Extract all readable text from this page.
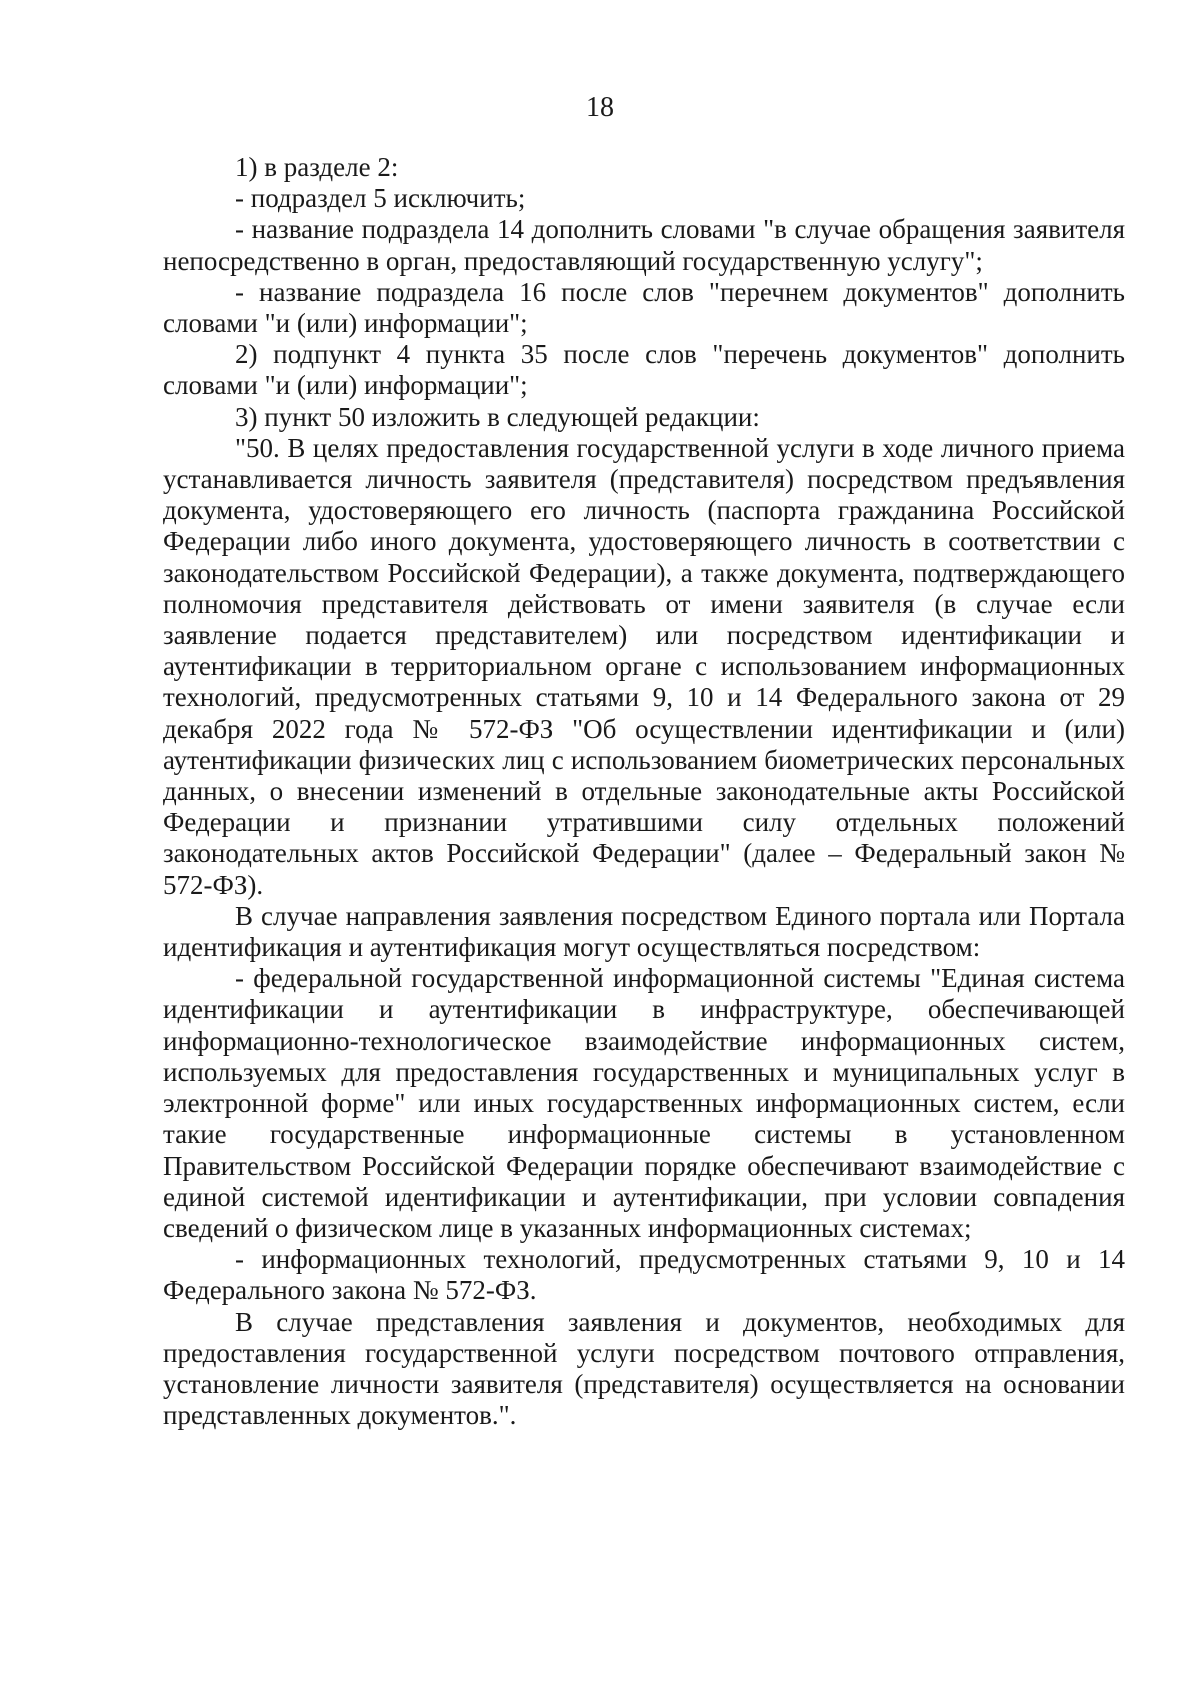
18

1) в разделе 2:

- подраздел 5 исключить;

- название подраздела 14 дополнить словами "в случае обращения заявителя непосредственно в орган, предоставляющий государственную услугу";

- название подраздела 16 после слов "перечнем документов" дополнить словами "и (или) информации";

2) подпункт 4 пункта 35 после слов "перечень документов" дополнить словами "и (или) информации";

3) пункт 50 изложить в следующей редакции:

"50. В целях предоставления государственной услуги в ходе личного приема устанавливается личность заявителя (представителя) посредством предъявления документа, удостоверяющего его личность (паспорта гражданина Российской Федерации либо иного документа, удостоверяющего личность в соответствии с законодательством Российской Федерации), а также документа, подтверждающего полномочия представителя действовать от имени заявителя (в случае если заявление подается представителем) или посредством идентификации и аутентификации в территориальном органе с использованием информационных технологий, предусмотренных статьями 9, 10 и 14 Федерального закона от 29 декабря 2022 года № 572-ФЗ "Об осуществлении идентификации и (или) аутентификации физических лиц с использованием биометрических персональных данных, о внесении изменений в отдельные законодательные акты Российской Федерации и признании утратившими силу отдельных положений законодательных актов Российской Федерации" (далее – Федеральный закон № 572-ФЗ).

В случае направления заявления посредством Единого портала или Портала идентификация и аутентификация могут осуществляться посредством:

- федеральной государственной информационной системы "Единая система идентификации и аутентификации в инфраструктуре, обеспечивающей информационно-технологическое взаимодействие информационных систем, используемых для предоставления государственных и муниципальных услуг в электронной форме" или иных государственных информационных систем, если такие государственные информационные системы в установленном Правительством Российской Федерации порядке обеспечивают взаимодействие с единой системой идентификации и аутентификации, при условии совпадения сведений о физическом лице в указанных информационных системах;

- информационных технологий, предусмотренных статьями 9, 10 и 14 Федерального закона № 572-ФЗ.

В случае представления заявления и документов, необходимых для предоставления государственной услуги посредством почтового отправления, установление личности заявителя (представителя) осуществляется на основании представленных документов.".
